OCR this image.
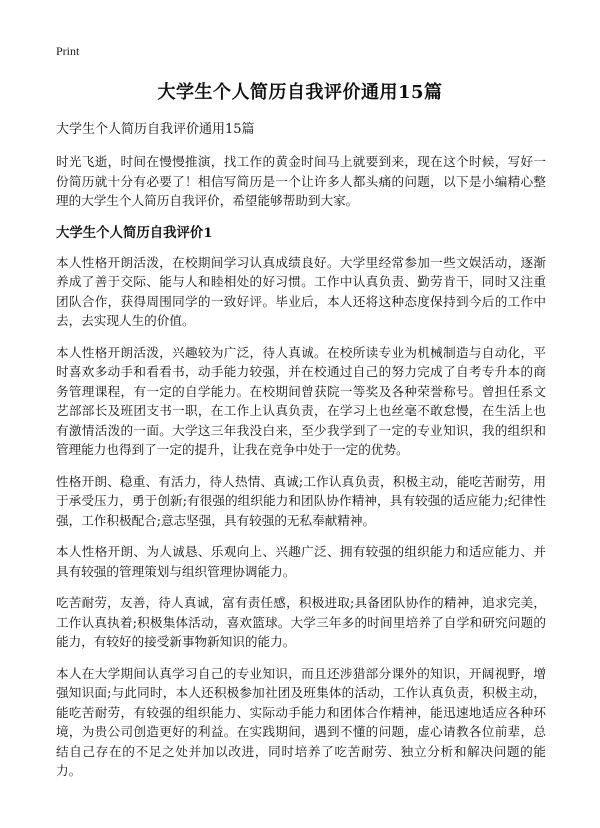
Print
大学生个人简历自我评价通用15篇
大学生个人简历自我评价通用15篇

时光飞逝，时间在慢慢推演，找工作的黄金时间马上就要到来，现在这个时候，写好一份简历就十分有必要了！相信写简历是一个让许多人都头痛的问题，以下是小编精心整理的大学生个人简历自我评价，希望能够帮助到大家。

大学生个人简历自我评价1

本人性格开朗活泼，在校期间学习认真成绩良好。大学里经常参加一些文娱活动，逐渐养成了善于交际、能与人和睦相处的好习惯。工作中认真负责、勤劳肯干，同时又注重团队合作，获得周围同学的一致好评。毕业后，本人还将这种态度保持到今后的工作中去，去实现人生的价值。

本人性格开朗活泼，兴趣较为广泛，待人真诚。在校所读专业为机械制造与自动化，平时喜欢多动手和看看书，动手能力较强，并在校通过自己的努力完成了自考专升本的商务管理课程，有一定的自学能力。在校期间曾获院一等奖及各种荣誉称号。曾担任系文艺部部长及班团支书一职，在工作上认真负责，在学习上也丝毫不敢怠慢，在生活上也有激情活泼的一面。大学这三年我没白来，至少我学到了一定的专业知识，我的组织和管理能力也得到了一定的提升，让我在竞争中处于一定的优势。

性格开朗、稳重、有活力，待人热情、真诚;工作认真负责，积极主动，能吃苦耐劳，用于承受压力，勇于创新;有很强的组织能力和团队协作精神，具有较强的适应能力;纪律性强，工作积极配合;意志坚强，具有较强的无私奉献精神。

本人性格开朗、为人诚恳、乐观向上、兴趣广泛、拥有较强的组织能力和适应能力、并具有较强的管理策划与组织管理协调能力。

吃苦耐劳，友善，待人真诚，富有责任感，积极进取;具备团队协作的精神，追求完美，工作认真执着;积极集体活动，喜欢篮球。大学三年多的时间里培养了自学和研究问题的能力，有较好的接受新事物新知识的能力。

本人在大学期间认真学习自己的专业知识，而且还涉猎部分课外的知识，开阔视野，增强知识面;与此同时，本人还积极参加社团及班集体的活动，工作认真负责，积极主动，能吃苦耐劳，有较强的组织能力、实际动手能力和团体合作精神，能迅速地适应各种环境，为贵公司创造更好的利益。在实践期间，遇到不懂的问题，虚心请教各位前辈，总结自己存在的不足之处并加以改进，同时培养了吃苦耐劳、独立分析和解决问题的能力。
